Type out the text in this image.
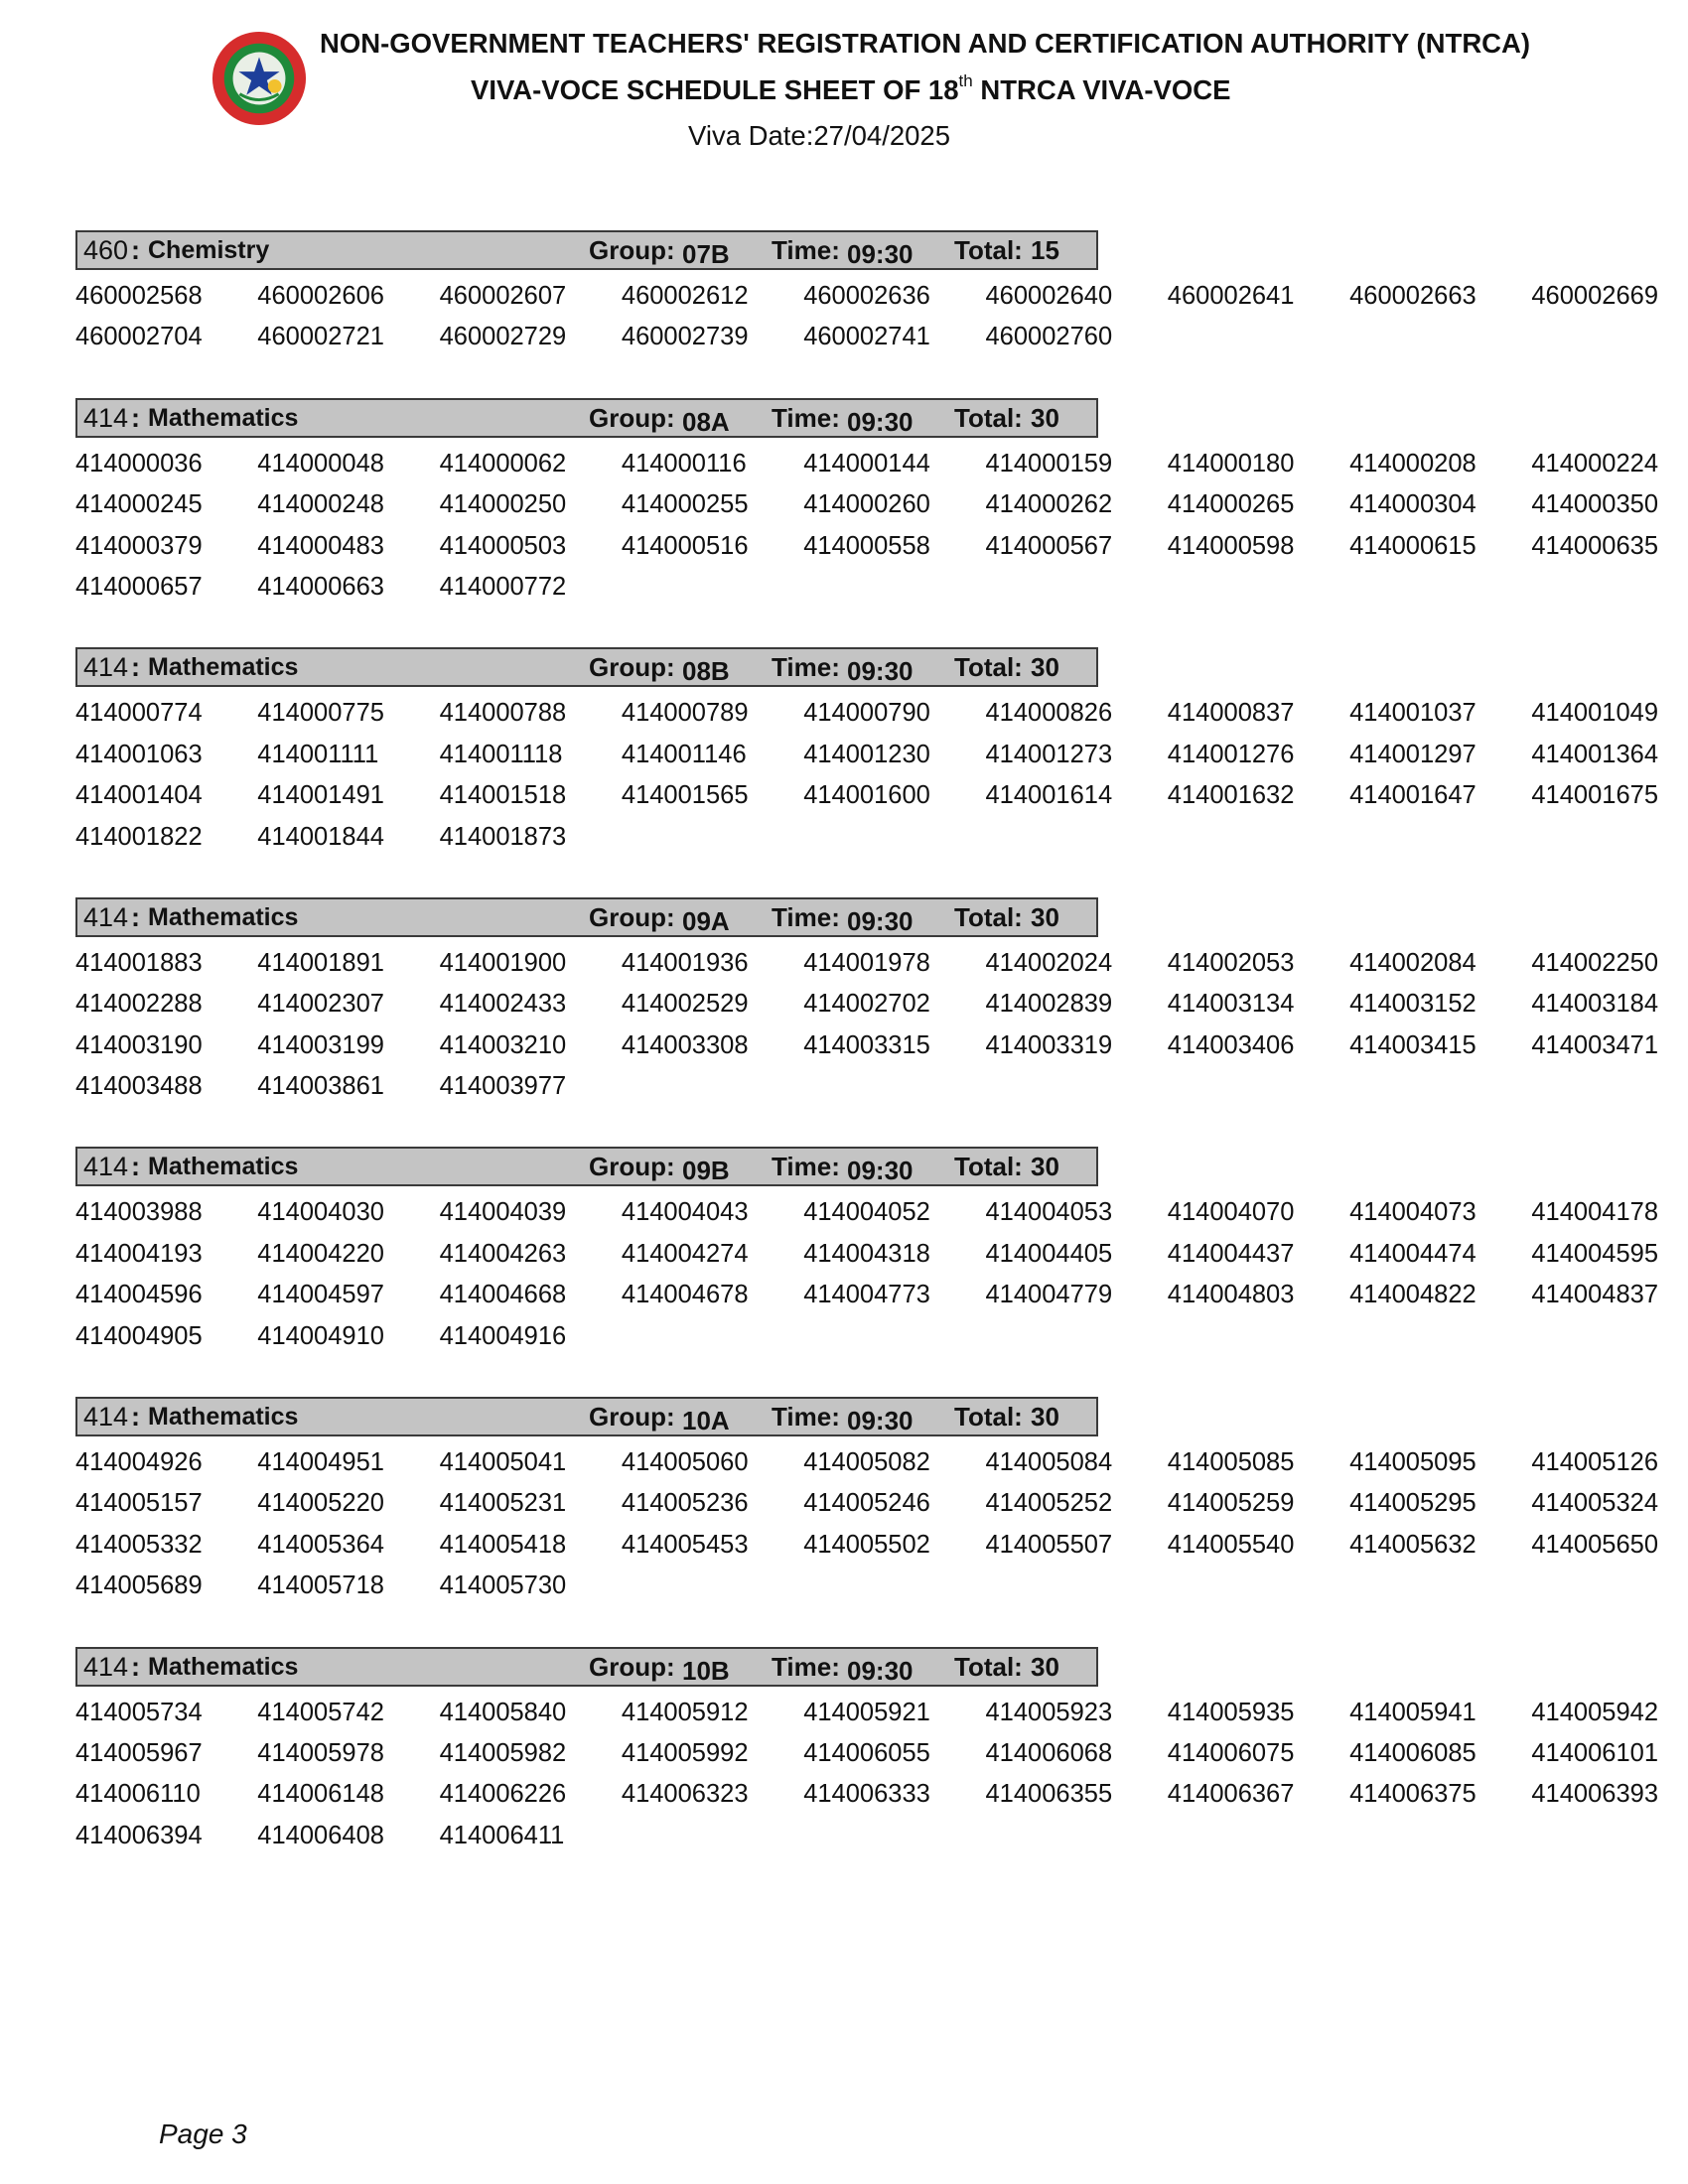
NON-GOVERNMENT TEACHERS' REGISTRATION AND CERTIFICATION AUTHORITY (NTRCA)
VIVA-VOCE SCHEDULE SHEET OF 18th NTRCA VIVA-VOCE
Viva Date:27/04/2025
460 : Chemistry	Group: 07B Time: 09:30 Total: 15
460002568	460002606	460002607	460002612	460002636	460002640	460002641	460002663	460002669
460002704	460002721	460002729	460002739	460002741	460002760
414 : Mathematics	Group: 08A Time: 09:30 Total: 30
414000036	414000048	414000062	414000116	414000144	414000159	414000180	414000208	414000224
414000245	414000248	414000250	414000255	414000260	414000262	414000265	414000304	414000350
414000379	414000483	414000503	414000516	414000558	414000567	414000598	414000615	414000635
414000657	414000663	414000772
414 : Mathematics	Group: 08B Time: 09:30 Total: 30
414000774	414000775	414000788	414000789	414000790	414000826	414000837	414001037	414001049
414001063	414001111	414001118	414001146	414001230	414001273	414001276	414001297	414001364
414001404	414001491	414001518	414001565	414001600	414001614	414001632	414001647	414001675
414001822	414001844	414001873
414 : Mathematics	Group: 09A Time: 09:30 Total: 30
414001883	414001891	414001900	414001936	414001978	414002024	414002053	414002084	414002250
414002288	414002307	414002433	414002529	414002702	414002839	414003134	414003152	414003184
414003190	414003199	414003210	414003308	414003315	414003319	414003406	414003415	414003471
414003488	414003861	414003977
414 : Mathematics	Group: 09B Time: 09:30 Total: 30
414003988	414004030	414004039	414004043	414004052	414004053	414004070	414004073	414004178
414004193	414004220	414004263	414004274	414004318	414004405	414004437	414004474	414004595
414004596	414004597	414004668	414004678	414004773	414004779	414004803	414004822	414004837
414004905	414004910	414004916
414 : Mathematics	Group: 10A Time: 09:30 Total: 30
414004926	414004951	414005041	414005060	414005082	414005084	414005085	414005095	414005126
414005157	414005220	414005231	414005236	414005246	414005252	414005259	414005295	414005324
414005332	414005364	414005418	414005453	414005502	414005507	414005540	414005632	414005650
414005689	414005718	414005730
414 : Mathematics	Group: 10B Time: 09:30 Total: 30
414005734	414005742	414005840	414005912	414005921	414005923	414005935	414005941	414005942
414005967	414005978	414005982	414005992	414006055	414006068	414006075	414006085	414006101
414006110	414006148	414006226	414006323	414006333	414006355	414006367	414006375	414006393
414006394	414006408	414006411
Page 3
